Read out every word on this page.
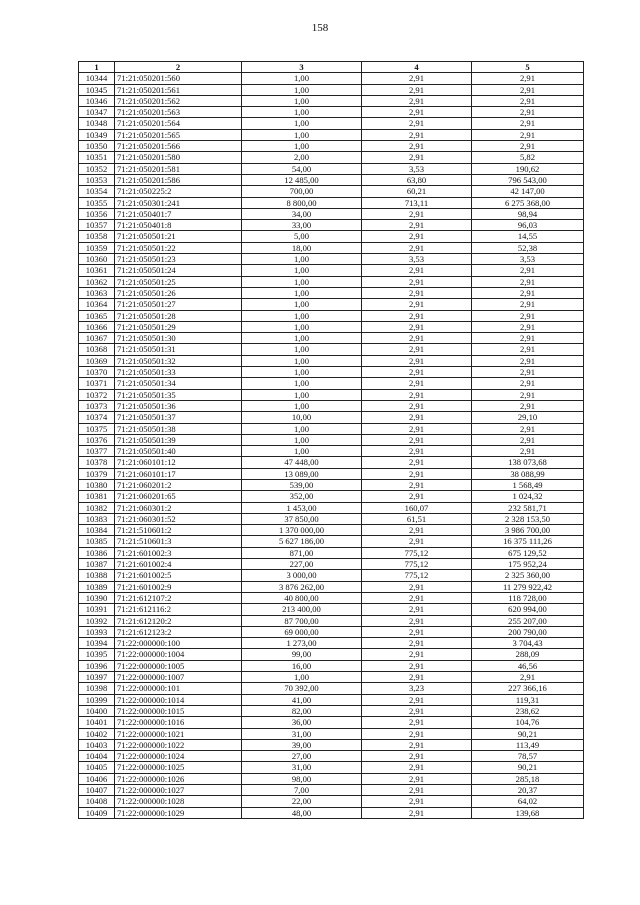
158
1	2	3	4	5
10344	71:21:050201:560	1,00	2,91	2,91
10345	71:21:050201:561	1,00	2,91	2,91
10346	71:21:050201:562	1,00	2,91	2,91
10347	71:21:050201:563	1,00	2,91	2,91
10348	71:21:050201:564	1,00	2,91	2,91
10349	71:21:050201:565	1,00	2,91	2,91
10350	71:21:050201:566	1,00	2,91	2,91
10351	71:21:050201:580	2,00	2,91	5,82
10352	71:21:050201:581	54,00	3,53	190,62
10353	71:21:050201:586	12 485,00	63,80	796 543,00
10354	71:21:050225:2	700,00	60,21	42 147,00
10355	71:21:050301:241	8 800,00	713,11	6 275 368,00
10356	71:21:050401:7	34,00	2,91	98,94
10357	71:21:050401:8	33,00	2,91	96,03
10358	71:21:050501:21	5,00	2,91	14,55
10359	71:21:050501:22	18,00	2,91	52,38
10360	71:21:050501:23	1,00	3,53	3,53
10361	71:21:050501:24	1,00	2,91	2,91
10362	71:21:050501:25	1,00	2,91	2,91
10363	71:21:050501:26	1,00	2,91	2,91
10364	71:21:050501:27	1,00	2,91	2,91
10365	71:21:050501:28	1,00	2,91	2,91
10366	71:21:050501:29	1,00	2,91	2,91
10367	71:21:050501:30	1,00	2,91	2,91
10368	71:21:050501:31	1,00	2,91	2,91
10369	71:21:050501:32	1,00	2,91	2,91
10370	71:21:050501:33	1,00	2,91	2,91
10371	71:21:050501:34	1,00	2,91	2,91
10372	71:21:050501:35	1,00	2,91	2,91
10373	71:21:050501:36	1,00	2,91	2,91
10374	71:21:050501:37	10,00	2,91	29,10
10375	71:21:050501:38	1,00	2,91	2,91
10376	71:21:050501:39	1,00	2,91	2,91
10377	71:21:050501:40	1,00	2,91	2,91
10378	71:21:060101:12	47 448,00	2,91	138 073,68
10379	71:21:060101:17	13 089,00	2,91	38 088,99
10380	71:21:060201:2	539,00	2,91	1 568,49
10381	71:21:060201:65	352,00	2,91	1 024,32
10382	71:21:060301:2	1 453,00	160,07	232 581,71
10383	71:21:060301:52	37 850,00	61,51	2 328 153,50
10384	71:21:510601:2	1 370 000,00	2,91	3 986 700,00
10385	71:21:510601:3	5 627 186,00	2,91	16 375 111,26
10386	71:21:601002:3	871,00	775,12	675 129,52
10387	71:21:601002:4	227,00	775,12	175 952,24
10388	71:21:601002:5	3 000,00	775,12	2 325 360,00
10389	71:21:601002:9	3 876 262,00	2,91	11 279 922,42
10390	71:21:612107:2	40 800,00	2,91	118 728,00
10391	71:21:612116:2	213 400,00	2,91	620 994,00
10392	71:21:612120:2	87 700,00	2,91	255 207,00
10393	71:21:612123:2	69 000,00	2,91	200 790,00
10394	71:22:000000:100	1 273,00	2,91	3 704,43
10395	71:22:000000:1004	99,00	2,91	288,09
10396	71:22:000000:1005	16,00	2,91	46,56
10397	71:22:000000:1007	1,00	2,91	2,91
10398	71:22:000000:101	70 392,00	3,23	227 366,16
10399	71:22:000000:1014	41,00	2,91	119,31
10400	71:22:000000:1015	82,00	2,91	238,62
10401	71:22:000000:1016	36,00	2,91	104,76
10402	71:22:000000:1021	31,00	2,91	90,21
10403	71:22:000000:1022	39,00	2,91	113,49
10404	71:22:000000:1024	27,00	2,91	78,57
10405	71:22:000000:1025	31,00	2,91	90,21
10406	71:22:000000:1026	98,00	2,91	285,18
10407	71:22:000000:1027	7,00	2,91	20,37
10408	71:22:000000:1028	22,00	2,91	64,02
10409	71:22:000000:1029	48,00	2,91	139,68
